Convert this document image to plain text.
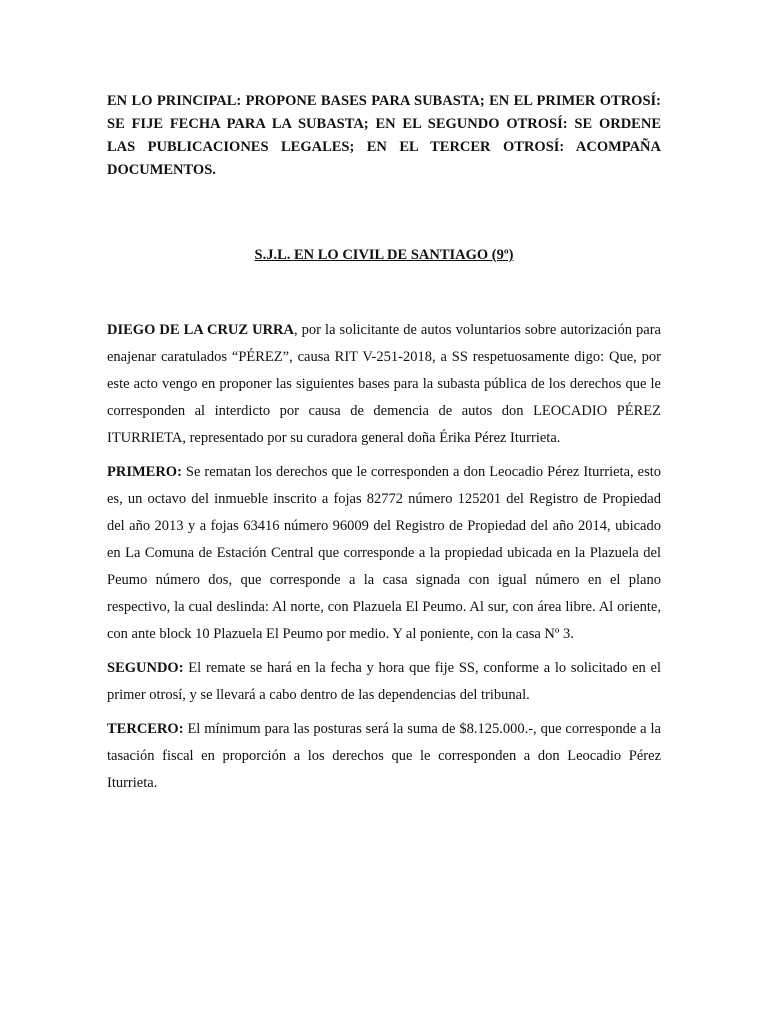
EN LO PRINCIPAL: PROPONE BASES PARA SUBASTA; EN EL PRIMER OTROSÍ: SE FIJE FECHA PARA LA SUBASTA; EN EL SEGUNDO OTROSÍ: SE ORDENE LAS PUBLICACIONES LEGALES; EN EL TERCER OTROSÍ: ACOMPAÑA DOCUMENTOS.
S.J.L. EN LO CIVIL DE SANTIAGO (9º)

DIEGO DE LA CRUZ URRA, por la solicitante de autos voluntarios sobre autorización para enajenar caratulados “PÉREZ”, causa RIT V-251-2018, a SS respetuosamente digo: Que, por este acto vengo en proponer las siguientes bases para la subasta pública de los derechos que le corresponden al interdicto por causa de demencia de autos don LEOCADIO PÉREZ ITURRIETA, representado por su curadora general doña Érika Pérez Iturrieta.

PRIMERO: Se rematan los derechos que le corresponden a don Leocadio Pérez Iturrieta, esto es, un octavo del inmueble inscrito a fojas 82772 número 125201 del Registro de Propiedad del año 2013 y a fojas 63416 número 96009 del Registro de Propiedad del año 2014, ubicado en La Comuna de Estación Central que corresponde a la propiedad ubicada en la Plazuela del Peumo número dos, que corresponde a la casa signada con igual número en el plano respectivo, la cual deslinda: Al norte, con Plazuela El Peumo. Al sur, con área libre. Al oriente, con ante block 10 Plazuela El Peumo por medio. Y al poniente, con la casa Nº 3.

SEGUNDO: El remate se hará en la fecha y hora que fije SS, conforme a lo solicitado en el primer otrosí, y se llevará a cabo dentro de las dependencias del tribunal.

TERCERO: El mínimum para las posturas será la suma de $8.125.000.-, que corresponde a la tasación fiscal en proporción a los derechos que le corresponden a don Leocadio Pérez Iturrieta.
